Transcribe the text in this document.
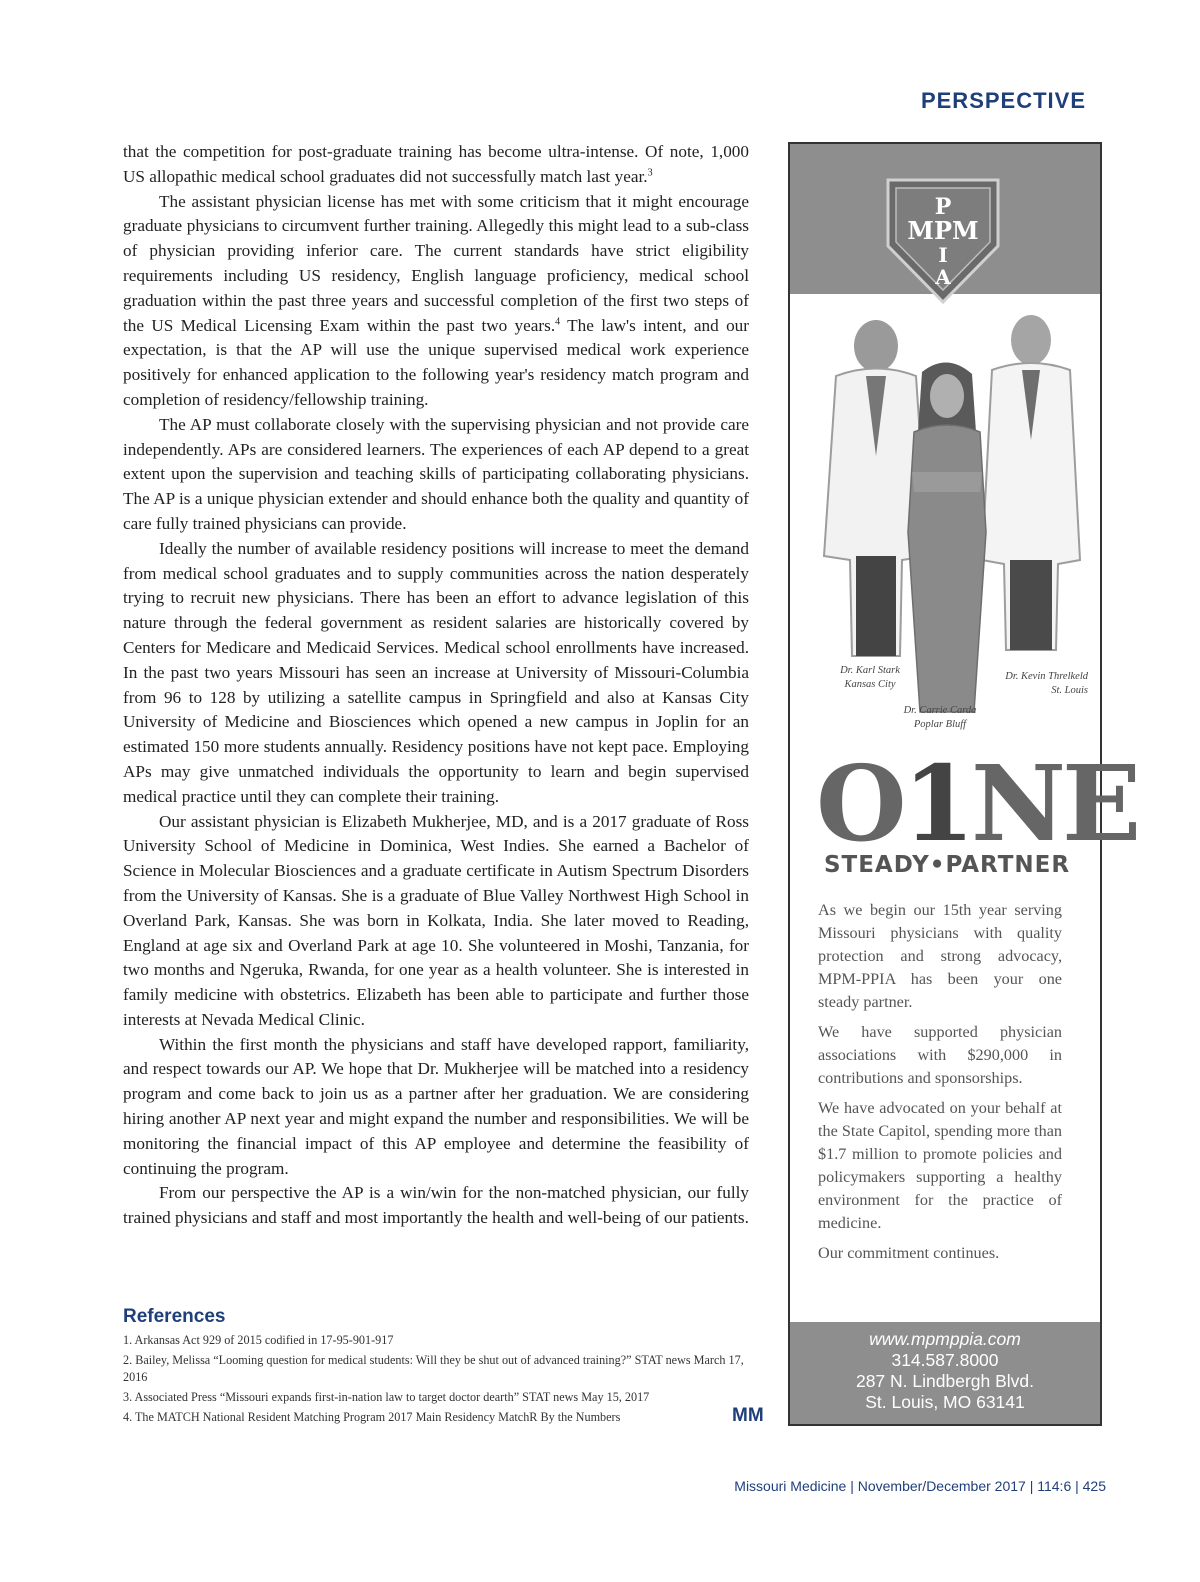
PERSPECTIVE

that the competition for post-graduate training has become ultra-intense. Of note, 1,000 US allopathic medical school graduates did not successfully match last year.$^3$

The assistant physician license has met with some criticism that it might encourage graduate physicians to circumvent further training. Allegedly this might lead to a sub-class of physician providing inferior care. The current standards have strict eligibility requirements including US residency, English language proficiency, medical school graduation within the past three years and successful completion of the first two steps of the US Medical Licensing Exam within the past two years.$^4$ The law's intent, and our expectation, is that the AP will use the unique supervised medical work experience positively for enhanced application to the following year's residency match program and completion of residency/fellowship training.

The AP must collaborate closely with the supervising physician and not provide care independently. APs are considered learners. The experiences of each AP depend to a great extent upon the supervision and teaching skills of participating collaborating physicians. The AP is a unique physician extender and should enhance both the quality and quantity of care fully trained physicians can provide.

Ideally the number of available residency positions will increase to meet the demand from medical school graduates and to supply communities across the nation desperately trying to recruit new physicians. There has been an effort to advance legislation of this nature through the federal government as resident salaries are historically covered by Centers for Medicare and Medicaid Services. Medical school enrollments have increased. In the past two years Missouri has seen an increase at University of Missouri-Columbia from 96 to 128 by utilizing a satellite campus in Springfield and also at Kansas City University of Medicine and Biosciences which opened a new campus in Joplin for an estimated 150 more students annually. Residency positions have not kept pace. Employing APs may give unmatched individuals the opportunity to learn and begin supervised medical practice until they can complete their training.

Our assistant physician is Elizabeth Mukherjee, MD, and is a 2017 graduate of Ross University School of Medicine in Dominica, West Indies. She earned a Bachelor of Science in Molecular Biosciences and a graduate certificate in Autism Spectrum Disorders from the University of Kansas. She is a graduate of Blue Valley Northwest High School in Overland Park, Kansas. She was born in Kolkata, India. She later moved to Reading, England at age six and Overland Park at age 10. She volunteered in Moshi, Tanzania, for two months and Ngeruka, Rwanda, for one year as a health volunteer. She is interested in family medicine with obstetrics. Elizabeth has been able to participate and further those interests at Nevada Medical Clinic.

Within the first month the physicians and staff have developed rapport, familiarity, and respect towards our AP. We hope that Dr. Mukherjee will be matched into a residency program and come back to join us as a partner after her graduation. We are considering hiring another AP next year and might expand the number and responsibilities. We will be monitoring the financial impact of this AP employee and determine the feasibility of continuing the program.

From our perspective the AP is a win/win for the non-matched physician, our fully trained physicians and staff and most importantly the health and well-being of our patients.

References
1. Arkansas Act 929 of 2015 codified in 17-95-901-917
2. Bailey, Melissa “Looming question for medical students: Will they be shut out of advanced training?” STAT news March 17, 2016
3. Associated Press “Missouri expands first-in-nation law to target doctor dearth” STAT news May 15, 2017
4. The MATCH National Resident Matching Program 2017 Main Residency MatchR By the Numbers	MM
P
MPM
I
A
Dr. Karl Stark
Kansas City
Dr. Kevin Threlkeld
St. Louis
Dr. Carrie Carda
Poplar Bluff
O1NE
STEADY•PARTNER

As we begin our 15th year serving Missouri physicians with quality protection and strong advocacy, MPM-PPIA has been your one steady partner.

We have supported physician associations with $290,000 in contributions and sponsorships.

We have advocated on your behalf at the State Capitol, spending more than $1.7 million to promote policies and policymakers supporting a healthy environment for the practice of medicine.

Our commitment continues.

www.mpmppia.com
314.587.8000
287 N. Lindbergh Blvd.
St. Louis, MO 63141
Missouri Medicine | November/December 2017 | 114:6 | 425
